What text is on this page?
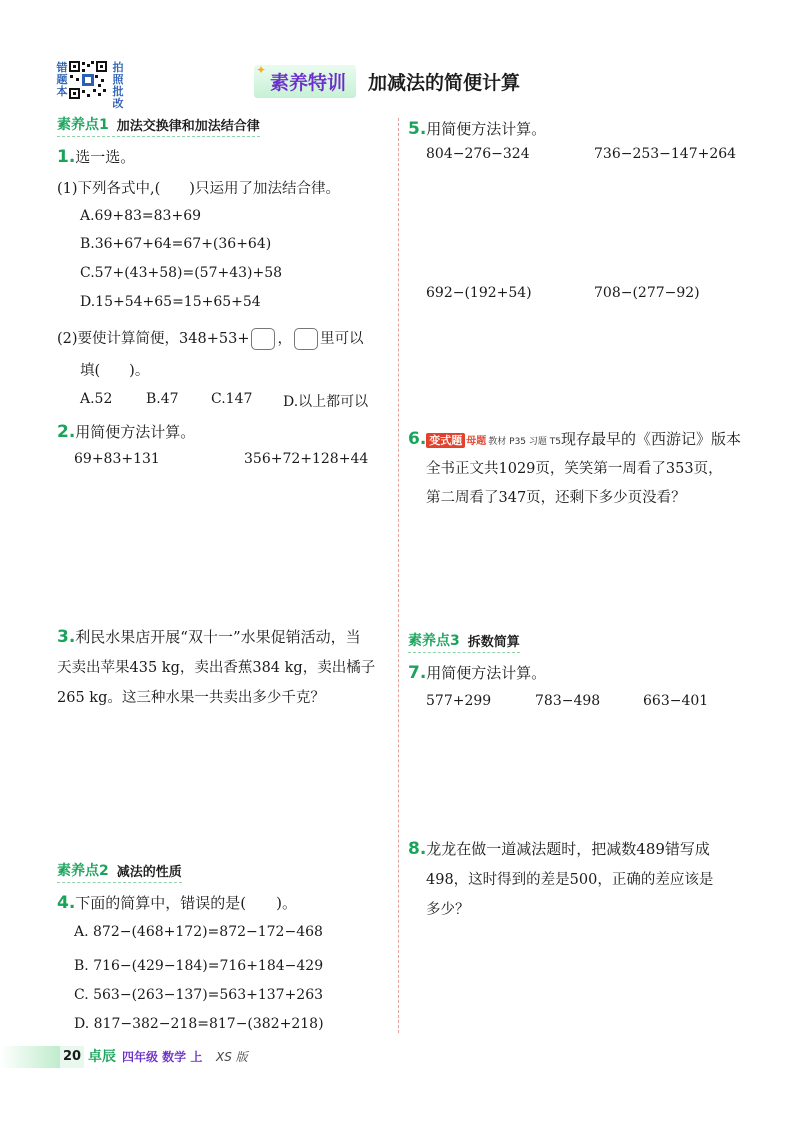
错题本
拍照批改
✦
素养特训	加减法的简便计算
素养点1 加法交换律和加法结合律
1.选一选。
(1)下列各式中,(　　)只运用了加法结合律。
A.69+83=83+69
B.36+67+64=67+(36+64)
C.57+(43+58)=(57+43)+58
D.15+54+65=15+65+54
(2)要使计算简便，348+53+ ， 里可以
填(　　)。
A.52 B.47 C.147 D.以上都可以
2.用简便方法计算。
69+83+131	356+72+128+44
3.利民水果店开展“双十一”水果促销活动，当
天卖出苹果435 kg，卖出香蕉384 kg，卖出橘子
265 kg。这三种水果一共卖出多少千克？
素养点2 减法的性质
4.下面的简算中，错误的是(　　)。
A. 872−(468+172)=872−172−468
B. 716−(429−184)=716+184−429
C. 563−(263−137)=563+137+263
D. 817−382−218=817−(382+218)
5.用简便方法计算。
804−276−324	736−253−147+264
692−(192+54)	708−(277−92)
6. 变式题 母题 教材 P35 习题 T5现存最早的《西游记》版本
全书正文共1029页，笑笑第一周看了353页，
第二周看了347页，还剩下多少页没看？
素养点3 拆数简算
7.用简便方法计算。
577+299	783−498	663−401
8.龙龙在做一道减法题时，把减数489错写成
498，这时得到的差是500，正确的差应该是
多少？
20 卓辰 四年级 数学 上 XS 版
